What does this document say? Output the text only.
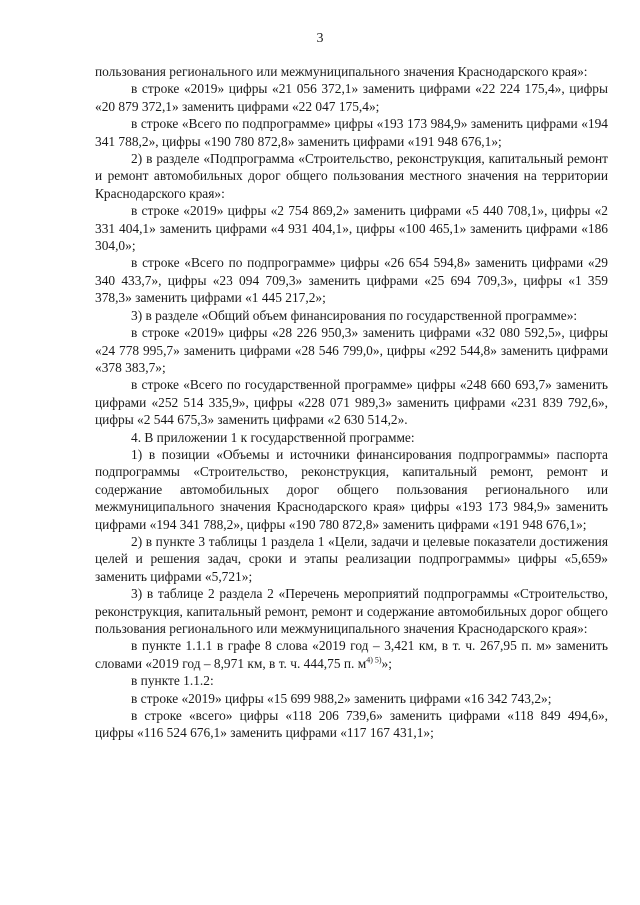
3

пользования регионального или межмуниципального значения Краснодарского края»:

в строке «2019» цифры «21 056 372,1» заменить цифрами «22 224 175,4», цифры «20 879 372,1» заменить цифрами «22 047 175,4»;

в строке «Всего по подпрограмме» цифры «193 173 984,9» заменить цифрами «194 341 788,2», цифры «190 780 872,8» заменить цифрами «191 948 676,1»;

2) в разделе «Подпрограмма «Строительство, реконструкция, капитальный ремонт и ремонт автомобильных дорог общего пользования местного значения на территории Краснодарского края»:

в строке «2019» цифры «2 754 869,2» заменить цифрами «5 440 708,1», цифры «2 331 404,1» заменить цифрами «4 931 404,1», цифры «100 465,1» заменить цифрами «186 304,0»;

в строке «Всего по подпрограмме» цифры «26 654 594,8» заменить цифрами «29 340 433,7», цифры «23 094 709,3» заменить цифрами «25 694 709,3», цифры «1 359 378,3» заменить цифрами «1 445 217,2»;

3) в разделе «Общий объем финансирования по государственной программе»:

в строке «2019» цифры «28 226 950,3» заменить цифрами «32 080 592,5», цифры «24 778 995,7» заменить цифрами «28 546 799,0», цифры «292 544,8» заменить цифрами «378 383,7»;

в строке «Всего по государственной программе» цифры «248 660 693,7» заменить цифрами «252 514 335,9», цифры «228 071 989,3» заменить цифрами «231 839 792,6», цифры «2 544 675,3» заменить цифрами «2 630 514,2».

4. В приложении 1 к государственной программе:

1) в позиции «Объемы и источники финансирования подпрограммы» паспорта подпрограммы «Строительство, реконструкция, капитальный ремонт, ремонт и содержание автомобильных дорог общего пользования регионального или межмуниципального значения Краснодарского края» цифры «193 173 984,9» заменить цифрами «194 341 788,2», цифры «190 780 872,8» заменить цифрами «191 948 676,1»;

2) в пункте 3 таблицы 1 раздела 1 «Цели, задачи и целевые показатели достижения целей и решения задач, сроки и этапы реализации подпрограммы» цифры «5,659» заменить цифрами «5,721»;

3) в таблице 2 раздела 2 «Перечень мероприятий подпрограммы «Строительство, реконструкция, капитальный ремонт, ремонт и содержание автомобильных дорог общего пользования регионального или межмуниципального значения Краснодарского края»:

в пункте 1.1.1 в графе 8 слова «2019 год – 3,421 км, в т. ч. 267,95 п. м» заменить словами «2019 год – 8,971 км, в т. ч. 444,75 п. м$^{4) 5)}$»;

в пункте 1.1.2:

в строке «2019» цифры «15 699 988,2» заменить цифрами «16 342 743,2»;

в строке «всего» цифры «118 206 739,6» заменить цифрами «118 849 494,6», цифры «116 524 676,1» заменить цифрами «117 167 431,1»;
